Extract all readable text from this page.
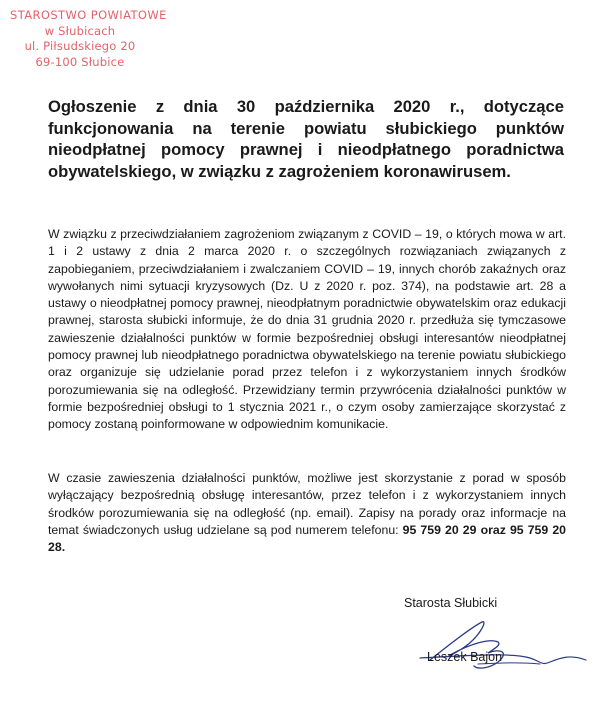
STAROSTWO POWIATOWE
w Słubicach
ul. Piłsudskiego 20
69-100 Słubice
Ogłoszenie z dnia 30 października 2020 r., dotyczące funkcjonowania na terenie powiatu słubickiego punktów nieodpłatnej pomocy prawnej i nieodpłatnego poradnictwa obywatelskiego, w związku z zagrożeniem koronawirusem.

W związku z przeciwdziałaniem zagrożeniom związanym z COVID – 19, o których mowa w art. 1 i 2 ustawy z dnia 2 marca 2020 r. o szczególnych rozwiązaniach związanych z zapobieganiem, przeciwdziałaniem i zwalczaniem COVID – 19, innych chorób zakaźnych oraz wywołanych nimi sytuacji kryzysowych (Dz. U z 2020 r. poz. 374), na podstawie art. 28 a ustawy o nieodpłatnej pomocy prawnej, nieodpłatnym poradnictwie obywatelskim oraz edukacji prawnej, starosta słubicki informuje, że do dnia 31 grudnia 2020 r. przedłuża się tymczasowe zawieszenie działalności punktów w formie bezpośredniej obsługi interesantów nieodpłatnej pomocy prawnej lub nieodpłatnego poradnictwa obywatelskiego na terenie powiatu słubickiego oraz organizuje się udzielanie porad przez telefon i z wykorzystaniem innych środków porozumiewania się na odległość. Przewidziany termin przywrócenia działalności punktów w formie bezpośredniej obsługi to 1 stycznia 2021 r., o czym osoby zamierzające skorzystać z pomocy zostaną poinformowane w odpowiednim komunikacie.

W czasie zawieszenia działalności punktów, możliwe jest skorzystanie z porad w sposób wyłączający bezpośrednią obsługę interesantów, przez telefon i z wykorzystaniem innych środków porozumiewania się na odległość (np. email). Zapisy na porady oraz informacje na temat świadczonych usług udzielane są pod numerem telefonu: 95 759 20 29 oraz 95 759 20 28.

Starosta Słubicki
Leszek Bajon
